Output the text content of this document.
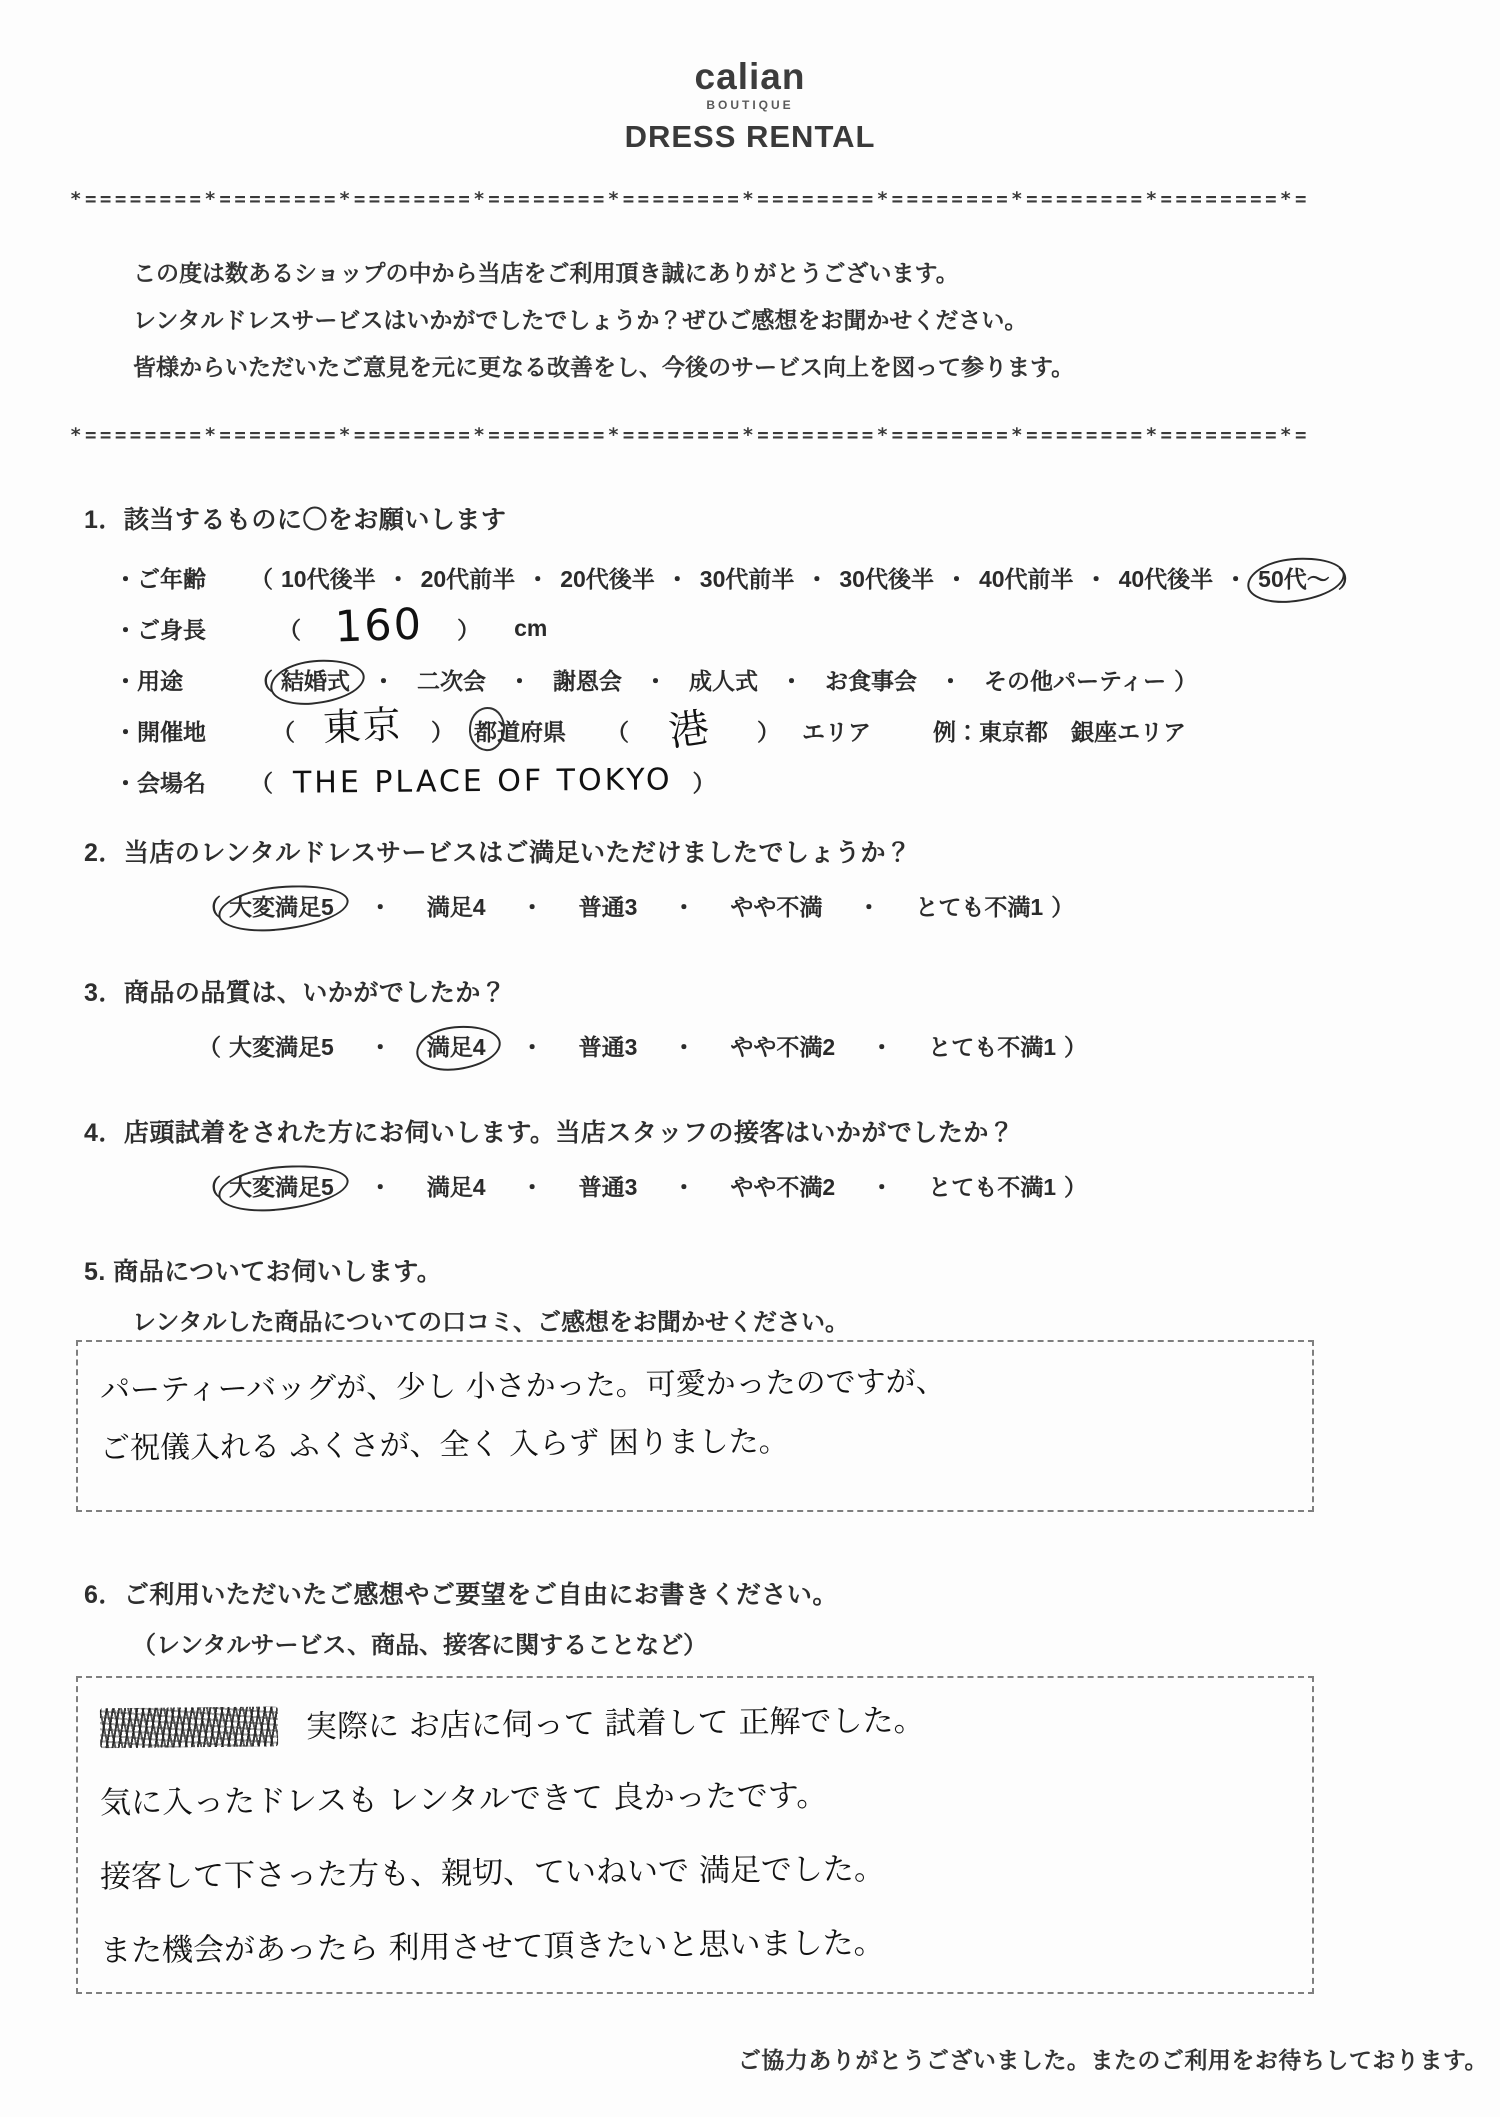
calian
BOUTIQUE
DRESS RENTAL
*========*========*========*========*========*========*========*========*========*=
この度は数あるショップの中から当店をご利用頂き誠にありがとうございます。
レンタルドレスサービスはいかがでしたでしょうか？ぜひご感想をお聞かせください。
皆様からいただいたご意見を元に更なる改善をし、今後のサービス向上を図って参ります。
*========*========*========*========*========*========*========*========*========*=
1．該当するものに〇をお願いします
・ご年齢	（ 10代後半 ・ 20代前半 ・ 20代後半 ・ 30代前半 ・ 30代後半 ・ 40代前半 ・ 40代後半 ・ 50代～ ）
・ご身長	（ 160 ） cm
・用途	（ 結婚式 ・ 二次会 ・ 謝恩会 ・ 成人式 ・ お食事会 ・ その他パーティー ）
・開催地	（ 東京 ） 都道府県 （ 港 ） エリア	例：東京都　銀座エリア
・会場名	（ THE PLACE OF TOKYO ）
2．当店のレンタルドレスサービスはご満足いただけましたでしょうか？
（ 大変満足5 ・ 満足4 ・ 普通3 ・ やや不満 ・ とても不満1 ）
3．商品の品質は、いかがでしたか？
（ 大変満足5 ・ 満足4 ・ 普通3 ・ やや不満2 ・ とても不満1 ）
4．店頭試着をされた方にお伺いします。当店スタッフの接客はいかがでしたか？
（ 大変満足5 ・ 満足4 ・ 普通3 ・ やや不満2 ・ とても不満1 ）
5. 商品についてお伺いします。
レンタルした商品についての口コミ、ご感想をお聞かせください。
パーティーバッグが、少し 小さかった。可愛かったのですが、
ご祝儀入れる ふくさが、全く 入らず 困りました。
6．ご利用いただいたご感想やご要望をご自由にお書きください。
（レンタルサービス、商品、接客に関することなど）
実際に お店に伺って 試着して 正解でした。
気に入ったドレスも レンタルできて 良かったです。
接客して下さった方も、親切、ていねいで 満足でした。
また機会があったら 利用させて頂きたいと思いました。
ご協力ありがとうございました。またのご利用をお待ちしております。
